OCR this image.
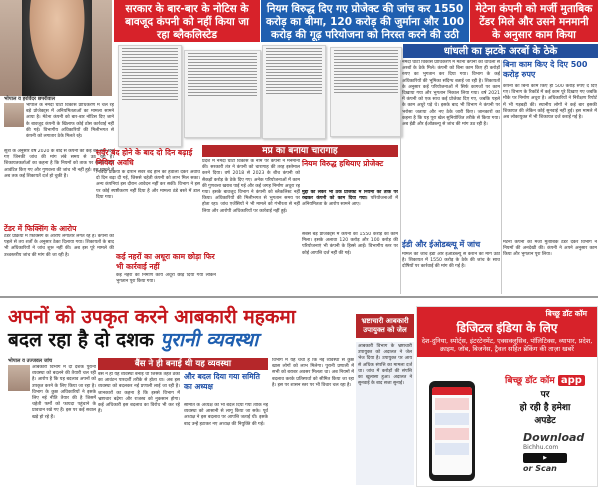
सरकार के बार-बार के नोटिस के बावजूद कंपनी को नहीं किया जा रहा ब्लैकलिस्टेड
नियम विरुद्ध दिए गए प्रोजेक्ट की जांच कर 1550 करोड़ का बीमा, 120 करोड़ की जुर्माना और 100 करोड़ की गूढ़ परियोजना को निरस्त करने की उठी
मेटेना कंपनी को मर्जी मुताबिक टेंडर मिले और उसने मनमानी के अनुसार काम किया
धांधली का झटके अरबों के ठेके
भोपाल व हरविंदर छपरीवाल
भोपाल के नर्मदा घाटी विकास प्राधिकरण में चल रहे बड़े प्रोजेक्ट्स में अनियमितताओं का मामला सामने आया है। मेटेना कंपनी को बार-बार नोटिस दिए जाने के बावजूद कंपनी के खिलाफ कोई ठोस कार्रवाई नहीं की गई। विभागीय अधिकारियों की मिलीभगत से कंपनी को लगातार ठेके मिलते रहे।
सूत्रों के अनुसार वर्ष 2020 के बाद से कंपनी को कई बड़े टेंडर दिए गए जिनकी जांच की मांग लंबे समय से उठ रही है। शिकायतकर्ताओं का कहना है कि नियमों को ताक पर रखकर ठेके आवंटित किए गए और गुणवत्ता की जांच भी नहीं हुई। इस मामले में अब तक कई शिकायतें दर्ज हो चुकी हैं।
सर्वर बंद होने के बाद दो दिन बढ़ाई निविदा अवधि
निविदा प्रक्रिया के दौरान सर्वर बंद होने का हवाला देकर अवधि दो दिन बढ़ा दी गई, जिससे चहेती कंपनी को लाभ मिल सका। अन्य कंपनियां इस दौरान आवेदन नहीं कर सकीं। विभाग ने इस पर कोई स्पष्टीकरण नहीं दिया है और मामला ठंडे बस्ते में डाल दिया गया।
टेंडर में फिक्सिंग के आरोप
टेंडर प्रक्रिया में फिक्सिंग के आरोप लगातार लगते रहे हैं। कंपनी को पहले से तय शर्तों के अनुसार ठेका दिलाया गया। शिकायतों के बाद भी अधिकारियों ने जांच शुरू नहीं की। अब इस पूरे मामले की उच्चस्तरीय जांच की मांग की जा रही है।	कई नहरों का अधूरा काम छोड़ा फिर भी कार्रवाई नहीं
कई नहरों का निर्माण कार्य अधूरा छोड़ दिया गया लेकिन भुगतान पूरा किया गया।
मप्र का बनाया चारागाह
प्रदेश में नर्मदा घाटी विकास के नाम पर कंपनी ने मनमानी की। सरकारी तंत्र ने कंपनी को चारागाह की तरह इस्तेमाल करने दिया। वर्ष 2018 से 2023 के बीच कंपनी को सैकड़ों करोड़ के ठेके दिए गए। अनेक परियोजनाओं में काम की गुणवत्ता खराब पाई गई और कई जगह निर्माण अधूरा रह गया। इसके बावजूद विभाग ने कंपनी को ब्लैकलिस्ट नहीं किया। अधिकारियों की मिलीभगत से भुगतान समय पर होता रहा। जांच एजेंसियों ने भी मामले को गंभीरता से नहीं लिया और आरोपी अधिकारियों पर कार्रवाई नहीं हुई।
नियम विरुद्ध हथियाए प्रोजेक्ट
मुद्दों को लेकर भी ठेके प्रोजेक्ट में नियमों को ताक पर रखकर कंपनी को काम दिया गया। परियोजनाओं में अनियमितता के आरोप सामने आए।
सबसे बड़े प्रोजेक्ट्स में कंपनी को 1550 करोड़ का काम मिला। इसके अलावा 120 करोड़ और 100 करोड़ की परियोजनाएं भी कंपनी के हिस्से आईं। विभागीय स्तर पर कोई आपत्ति दर्ज नहीं की गई।
नर्मदा घाटी विकास प्राधिकरण में मेटेना कंपनी को धांधली से अरबों के ठेके मिले। कंपनी को बिना काम किए ही करोड़ों रुपए का भुगतान कर दिया गया। विभाग के कई अधिकारियों की भूमिका संदिग्ध बताई जा रही है। शिकायतों के अनुसार कई परियोजनाओं में सिर्फ कागजों पर काम दिखाया गया और भुगतान निकाल लिया गया। वर्ष 2021 में कंपनी को एक साथ कई प्रोजेक्ट दिए गए, जबकि पहले के काम अधूरे पड़े थे। इसके बाद भी विभाग ने कंपनी पर भरोसा जताया और नए ठेके जारी किए। जानकारों का कहना है कि यह पूरा खेल सुनियोजित तरीके से किया गया। अब ईडी और ईओडब्ल्यू से जांच की मांग उठ रही है।
बिना काम किए दे दिए 500 करोड़ रुपए
कंपनी को बिना काम किए ही 500 करोड़ रुपए दे दिए गए। विभाग के रिकॉर्ड में कई काम पूरे दिखाए गए जबकि मौके पर निर्माण अधूरा है। अधिकारियों ने निरीक्षण रिपोर्ट में भी गड़बड़ी की। स्थानीय लोगों ने कई बार इसकी शिकायत की लेकिन कोई सुनवाई नहीं हुई। इस मामले में अब लोकायुक्त में भी शिकायत दर्ज कराई गई है।
ईडी और ईओडब्ल्यू में जांच
मामले की जांच ईडी और ईओडब्ल्यू से कराने की मांग उठी है। शिकायत में 1550 करोड़ के ठेके की जांच के साथ दोषियों पर कार्रवाई की मांग की गई है।
मेटेना कंपनी को मर्जी मुताबिक टेंडर देकर विभाग ने नियमों की अनदेखी की। कंपनी ने अपने अनुसार काम किया और भुगतान पूरा लिया।
अपनों को उपकृत करने आबकारी महकमा
बदल रहा है दो दशक पुरानी व्यवस्था
भोपाल व उज्जवल जांच
आबकारी विभाग में दो दशक पुरानी व्यवस्था को बदलने की तैयारी चल रही है। आरोप है कि यह बदलाव अपनों को उपकृत करने के लिए किया जा रहा है। विभाग के कुछ अधिकारियों ने इसके लिए नई नीति तैयार की है जिसमें चहेती फर्मों को फायदा पहुंचाने के प्रावधान रखे गए हैं। इस पर कई सवाल खड़े हो रहे हैं।
बैंस ने ही बनाई थी यह व्यवस्था
बैंस ने ही यह व्यवस्था बनाई थी जिसके तहत ठेकों का आवंटन पारदर्शी तरीके से होता था। अब इस व्यवस्था को बदलकर नई प्रणाली लाई जा रही है। जानकारों का कहना है कि इससे विभाग में भ्रष्टाचार बढ़ेगा और राजस्व को नुकसान होगा। कई अधिकारी इस बदलाव का विरोध भी कर रहे हैं।
और बदल दिया गया समिति का अध्यक्ष
समिति के अध्यक्ष को भी बदल दिया गया ताकि नई व्यवस्था को आसानी से लागू किया जा सके। पूर्व अध्यक्ष ने इस बदलाव पर आपत्ति जताई थी। इसके बाद उन्हें हटाकर नए अध्यक्ष की नियुक्ति की गई।
विभाग में यह चर्चा है कि नई व्यवस्था से कुछ खास लोगों को लाभ मिलेगा। पुरानी प्रणाली में सभी को बराबर अवसर मिलता था। अब नियमों में बदलाव करके प्रतिस्पर्धा को सीमित किया जा रहा है। इस पर शासन स्तर पर भी विचार चल रहा है।
भ्रष्टाचारी आबकारी उपायुक्त को जेल
आबकारी विभाग के भ्रष्टाचारी उपायुक्त को अदालत ने जेल भेज दिया है। उपायुक्त पर आय से अधिक संपत्ति का मामला दर्ज था। जांच में करोड़ों की संपत्ति का खुलासा हुआ। अदालत ने सुनवाई के बाद सजा सुनाई।
बिच्छू डॉट कॉम
डिजिटल इंडिया के लिए
देश-दुनिया, स्पोर्ट्स, इंटरटेनमेंट, एक्सक्लूसिव, पॉलिटिक्स, व्यापार, प्रदेश, क्राइम, जॉब, बिजनेस, ट्रैवल सहित ब्रेकिंग की ताज़ा खबरें
बिच्छू डॉट कॉम app
पर
हो रही है हमेशा
अपडेट
Download
Bichhu.com
▶
or Scan
